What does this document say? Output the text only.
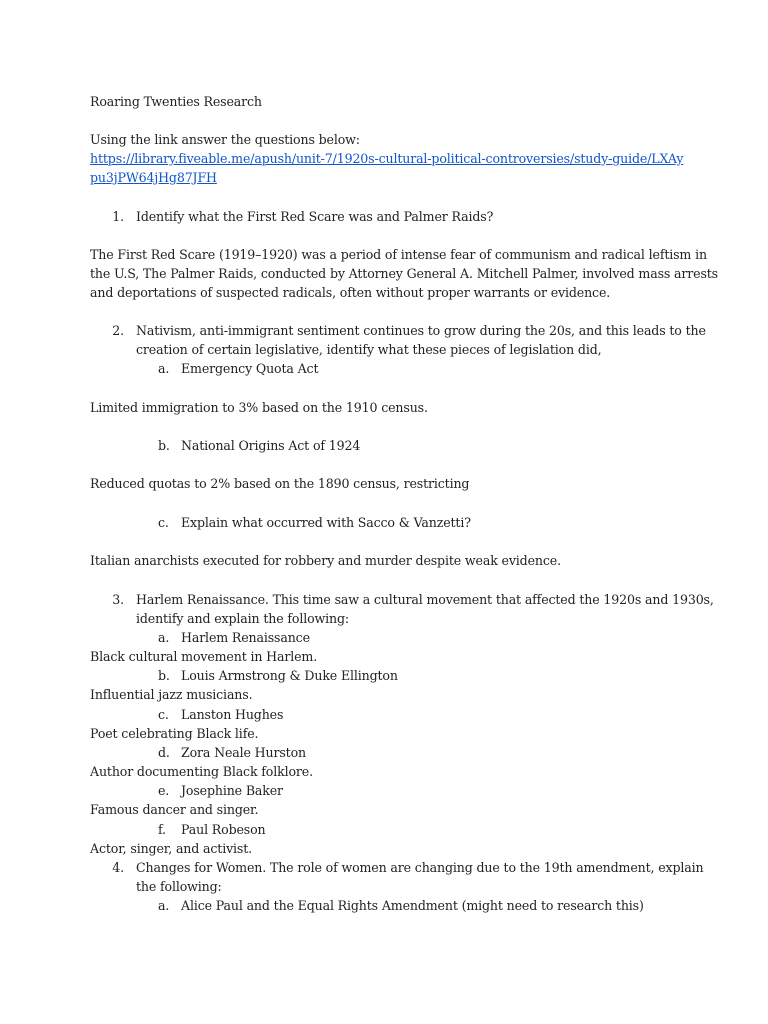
Roaring Twenties Research
Using the link answer the questions below:
https://library.fiveable.me/apush/unit-7/1920s-cultural-political-controversies/study-guide/LXAy
pu3jPW64jHg87JFH
1. Identify what the First Red Scare was and Palmer Raids?
The First Red Scare (1919–1920) was a period of intense fear of communism and radical leftism in
the U.S, The Palmer Raids, conducted by Attorney General A. Mitchell Palmer, involved mass arrests
and deportations of suspected radicals, often without proper warrants or evidence.
2. Nativism, anti-immigrant sentiment continues to grow during the 20s, and this leads to the
creation of certain legislative, identify what these pieces of legislation did,
a. Emergency Quota Act
Limited immigration to 3% based on the 1910 census.
b. National Origins Act of 1924
Reduced quotas to 2% based on the 1890 census, restricting
c. Explain what occurred with Sacco & Vanzetti?
Italian anarchists executed for robbery and murder despite weak evidence.
3. Harlem Renaissance. This time saw a cultural movement that affected the 1920s and 1930s,
identify and explain the following:
a. Harlem Renaissance
Black cultural movement in Harlem.
b. Louis Armstrong & Duke Ellington
Influential jazz musicians.
c. Lanston Hughes
Poet celebrating Black life.
d. Zora Neale Hurston
Author documenting Black folklore.
e. Josephine Baker
Famous dancer and singer.
f. Paul Robeson
Actor, singer, and activist.
4. Changes for Women. The role of women are changing due to the 19th amendment, explain
the following:
a. Alice Paul and the Equal Rights Amendment (might need to research this)
